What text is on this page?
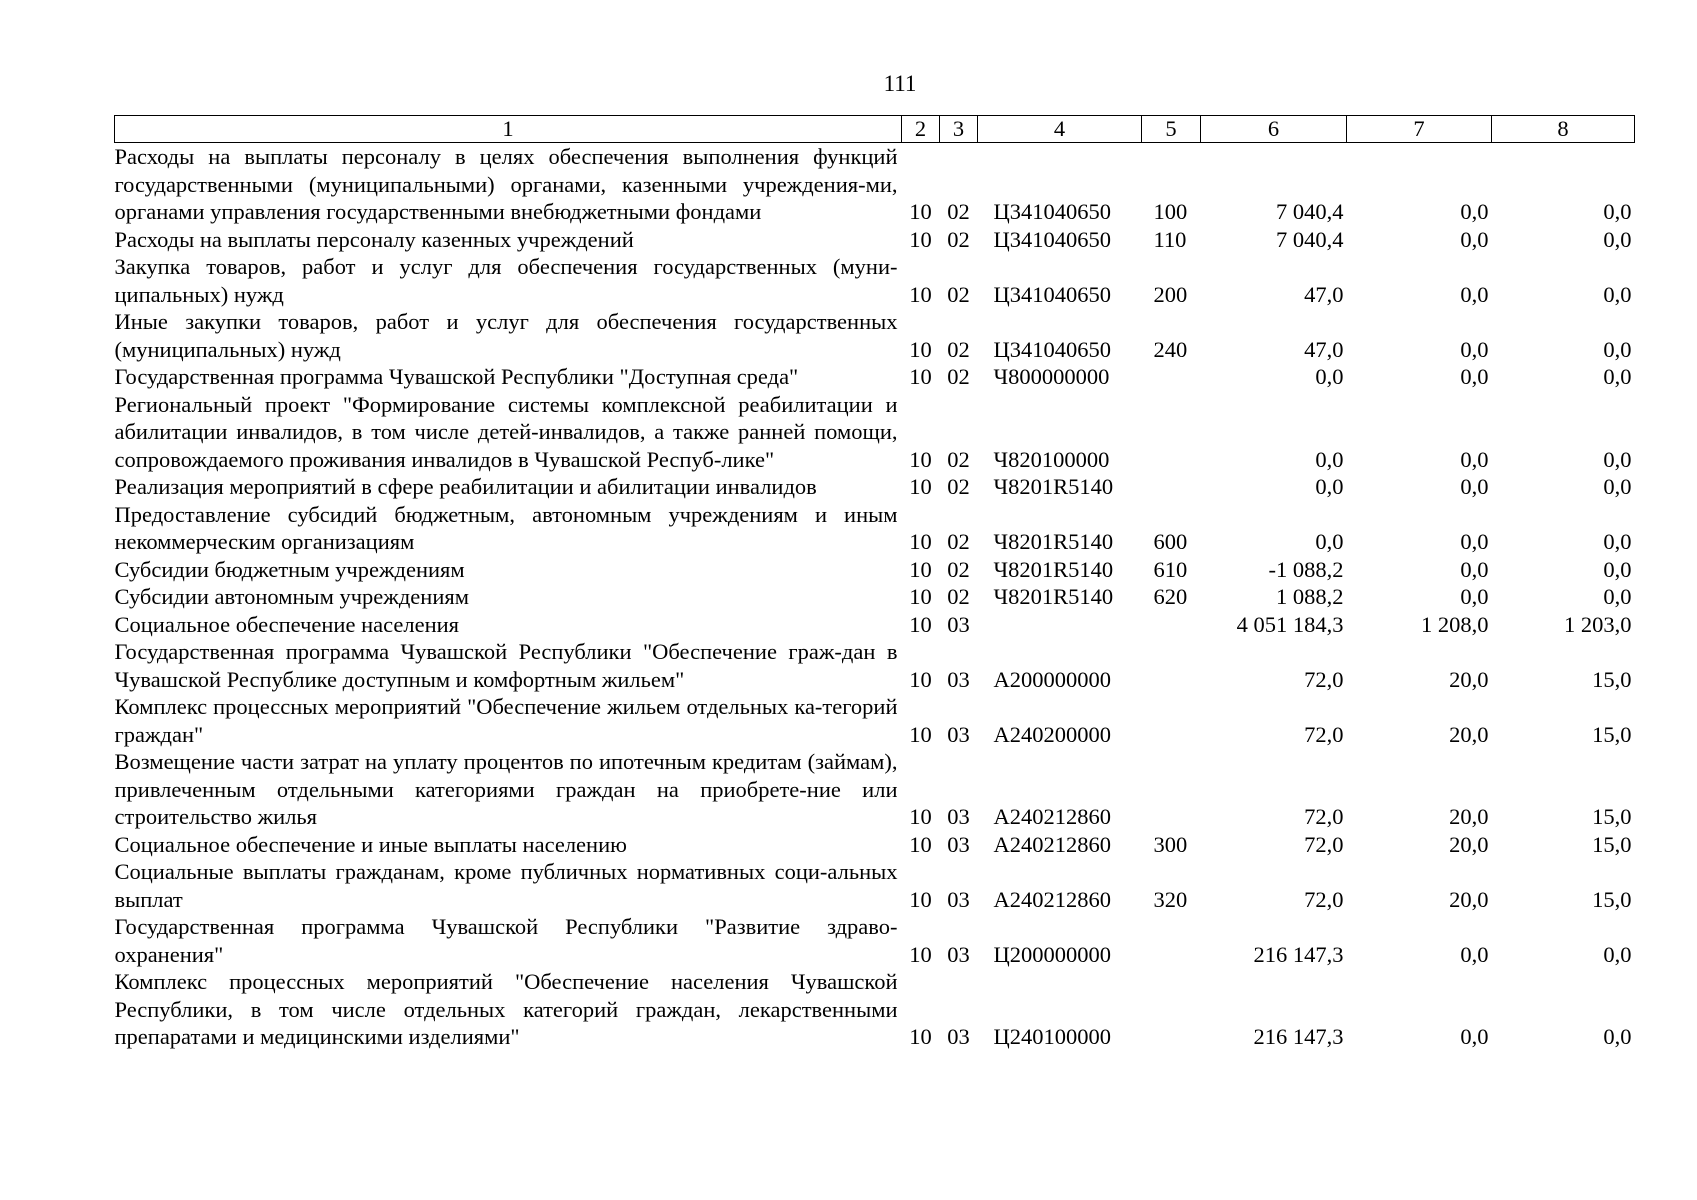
111
1	2	3	4	5	6	7	8
Расходы на выплаты персоналу в целях обеспечения выполнения функций государственными (муниципальными) органами, казенными учреждения-ми, органами управления государственными внебюджетными фондами	10	02	Ц341040650	100	7 040,4	0,0	0,0
Расходы на выплаты персоналу казенных учреждений	10	02	Ц341040650	110	7 040,4	0,0	0,0
Закупка товаров, работ и услуг для обеспечения государственных (муни-ципальных) нужд	10	02	Ц341040650	200	47,0	0,0	0,0
Иные закупки товаров, работ и услуг для обеспечения государственных (муниципальных) нужд	10	02	Ц341040650	240	47,0	0,0	0,0
Государственная программа Чувашской Республики "Доступная среда"	10	02	Ч800000000		0,0	0,0	0,0
Региональный проект "Формирование системы комплексной реабилитации и абилитации инвалидов, в том числе детей-инвалидов, а также ранней помощи, сопровождаемого проживания инвалидов в Чувашской Респуб-лике"	10	02	Ч820100000		0,0	0,0	0,0
Реализация мероприятий в сфере реабилитации и абилитации инвалидов	10	02	Ч8201R5140		0,0	0,0	0,0
Предоставление субсидий бюджетным, автономным учреждениям и иным некоммерческим организациям	10	02	Ч8201R5140	600	0,0	0,0	0,0
Субсидии бюджетным учреждениям	10	02	Ч8201R5140	610	-1 088,2	0,0	0,0
Субсидии автономным учреждениям	10	02	Ч8201R5140	620	1 088,2	0,0	0,0
Социальное обеспечение населения	10	03			4 051 184,3	1 208,0	1 203,0
Государственная программа Чувашской Республики "Обеспечение граж-дан в Чувашской Республике доступным и комфортным жильем"	10	03	А200000000		72,0	20,0	15,0
Комплекс процессных мероприятий "Обеспечение жильем отдельных ка-тегорий граждан"	10	03	А240200000		72,0	20,0	15,0
Возмещение части затрат на уплату процентов по ипотечным кредитам (займам), привлеченным отдельными категориями граждан на приобрете-ние или строительство жилья	10	03	А240212860		72,0	20,0	15,0
Социальное обеспечение и иные выплаты населению	10	03	А240212860	300	72,0	20,0	15,0
Социальные выплаты гражданам, кроме публичных нормативных соци-альных выплат	10	03	А240212860	320	72,0	20,0	15,0
Государственная программа Чувашской Республики "Развитие здраво-охранения"	10	03	Ц200000000		216 147,3	0,0	0,0
Комплекс процессных мероприятий "Обеспечение населения Чувашской Республики, в том числе отдельных категорий граждан, лекарственными препаратами и медицинскими изделиями"	10	03	Ц240100000		216 147,3	0,0	0,0
